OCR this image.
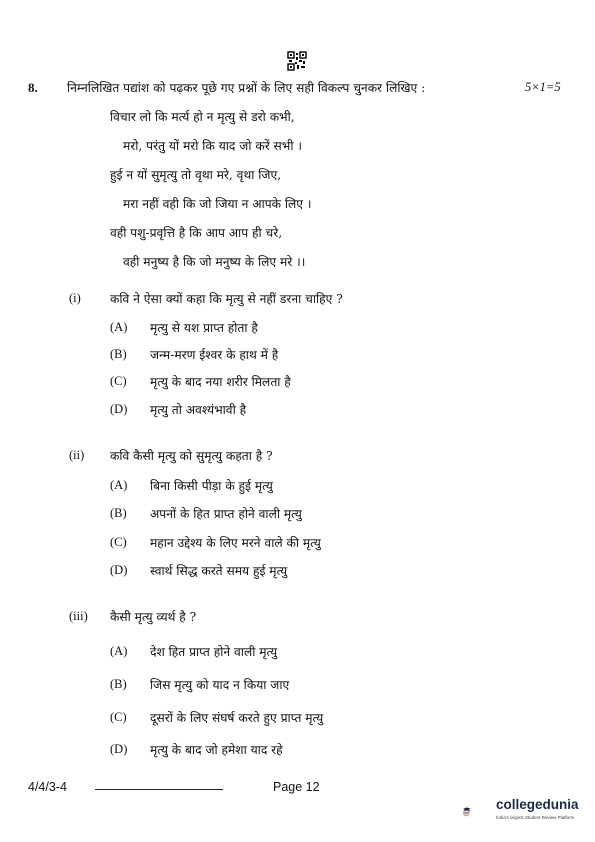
8. निम्नलिखित पद्यांश को पढ़कर पूछे गए प्रश्नों के लिए सही विकल्प चुनकर लिखिए :	5×1=5
विचार लो कि मर्त्य हो न मृत्यु से डरो कभी,
मरो, परंतु यों मरो कि याद जो करें सभी ।
हुई न यों सुमृत्यु तो वृथा मरे, वृथा जिए,
मरा नहीं वही कि जो जिया न आपके लिए ।
वही पशु-प्रवृत्ति है कि आप आप ही चरे,
वही मनुष्य है कि जो मनुष्य के लिए मरे ।।
(i) कवि ने ऐसा क्यों कहा कि मृत्यु से नहीं डरना चाहिए ?
(A) मृत्यु से यश प्राप्त होता है
(B) जन्म-मरण ईश्वर के हाथ में है
(C) मृत्यु के बाद नया शरीर मिलता है
(D) मृत्यु तो अवश्यंभावी है
(ii) कवि कैसी मृत्यु को सुमृत्यु कहता है ?
(A) बिना किसी पीड़ा के हुई मृत्यु
(B) अपनों के हित प्राप्त होने वाली मृत्यु
(C) महान उद्देश्य के लिए मरने वाले की मृत्यु
(D) स्वार्थ सिद्ध करते समय हुई मृत्यु
(iii) कैसी मृत्यु व्यर्थ है ?
(A) देश हित प्राप्त होने वाली मृत्यु
(B) जिस मृत्यु को याद न किया जाए
(C) दूसरों के लिए संघर्ष करते हुए प्राप्त मृत्यु
(D) मृत्यु के बाद जो हमेशा याद रहे
4/4/3-4	Page 12
collegedunia
India's largest Student Review Platform
